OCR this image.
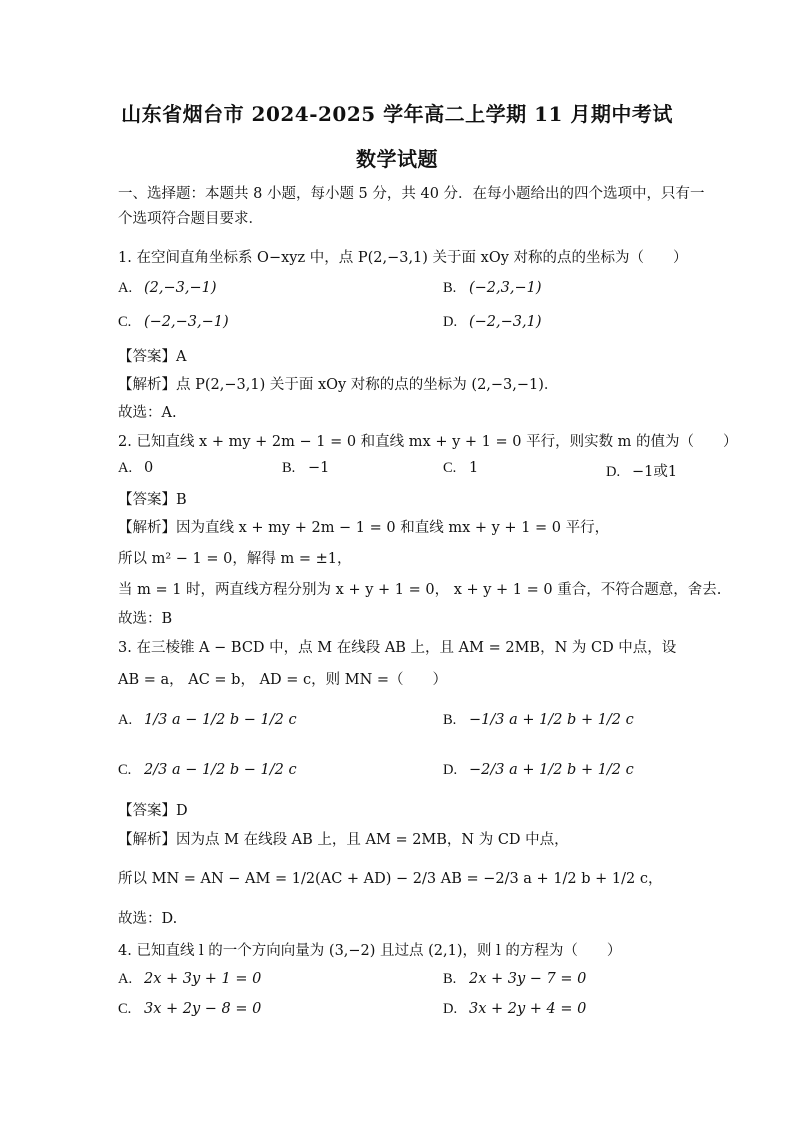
山东省烟台市 2024-2025 学年高二上学期 11 月期中考试
数学试题
一、选择题：本题共 8 小题，每小题 5 分，共 40 分．在每小题给出的四个选项中，只有一
个选项符合题目要求．
1. 在空间直角坐标系 O−xyz 中，点 P(2,−3,1) 关于面 xOy 对称的点的坐标为（　　）
A. (2,−3,−1)	B. (−2,3,−1)
C. (−2,−3,−1)	D. (−2,−3,1)
【答案】A
【解析】点 P(2,−3,1) 关于面 xOy 对称的点的坐标为 (2,−3,−1)．
故选：A.
2. 已知直线 x + my + 2m − 1 = 0 和直线 mx + y + 1 = 0 平行，则实数 m 的值为（　　）
A. 0	B. −1	C. 1	D. −1或1
【答案】B
【解析】因为直线 x + my + 2m − 1 = 0 和直线 mx + y + 1 = 0 平行，
所以 m² − 1 = 0，解得 m = ±1，
当 m = 1 时，两直线方程分别为 x + y + 1 = 0， x + y + 1 = 0 重合，不符合题意，舍去.
故选：B
3. 在三棱锥 A − BCD 中，点 M 在线段 AB 上，且 AM = 2MB，N 为 CD 中点，设
AB = a， AC = b， AD = c，则 MN =（　　）
A. 1/3 a − 1/2 b − 1/2 c	B. −1/3 a + 1/2 b + 1/2 c
C. 2/3 a − 1/2 b − 1/2 c	D. −2/3 a + 1/2 b + 1/2 c
【答案】D
【解析】因为点 M 在线段 AB 上，且 AM = 2MB，N 为 CD 中点，
所以 MN = AN − AM = 1/2(AC + AD) − 2/3 AB = −2/3 a + 1/2 b + 1/2 c，
故选：D.
4. 已知直线 l 的一个方向向量为 (3,−2) 且过点 (2,1)，则 l 的方程为（　　）
A. 2x + 3y + 1 = 0	B. 2x + 3y − 7 = 0
C. 3x + 2y − 8 = 0	D. 3x + 2y + 4 = 0
